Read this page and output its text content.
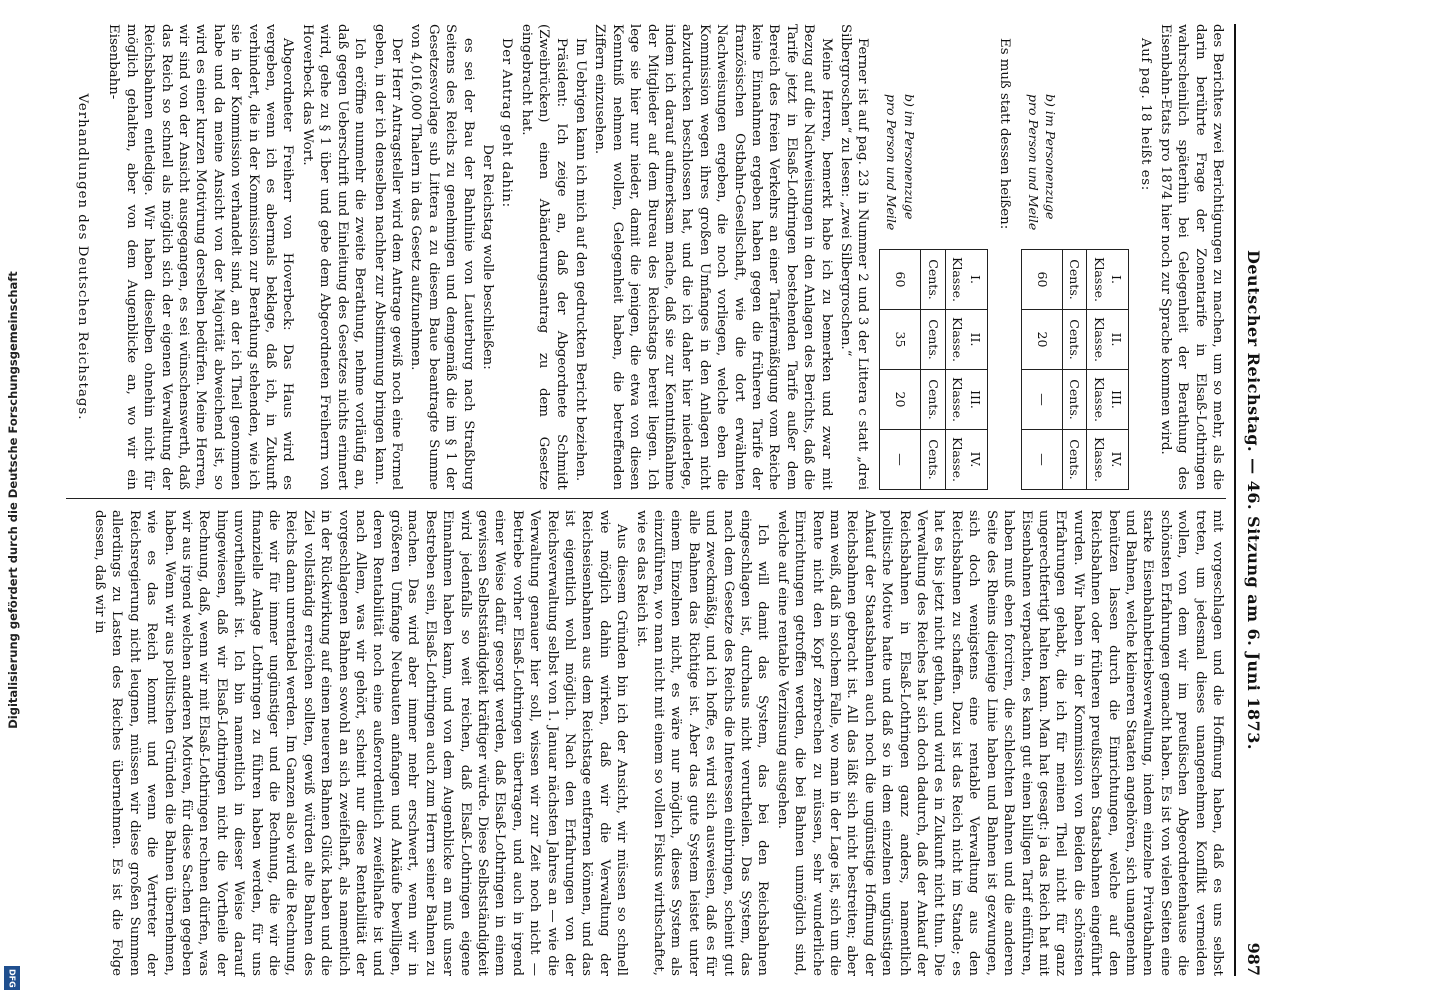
Digitalisierung gefördert durch die Deutsche Forschungsgemeinschaft
DFG
Deutscher Reichstag. — 46. Sitzung am 6. Juni 1873.
987

des Berichtes zwei Berichtigungen zu machen, um so mehr, als die darin berührte Frage der Zonentarife in Elsaß-Lothringen wahrscheinlich späterhin bei Gelegenheit der Berathung des Eisenbahn-Etats pro 1874 hier noch zur Sprache kommen wird.

Auf pag. 18 heißt es:

	I.
Klasse.	II.
Klasse.	III.
Klasse.	IV.
Klasse.
	Cents.	Cents.	Cents.	Cents.
b) im Personenzuge pro Person und Meile	60	20	—	—

Es muß statt dessen heißen:

	I.
Klasse.	II.
Klasse.	III.
Klasse.	IV.
Klasse.
	Cents.	Cents.	Cents.	Cents.
b) im Personenzuge pro Person und Meile	60	35	20	—

Ferner ist auf pag. 23 in Nummer 2 und 3 der Littera c statt „drei Silbergroschen“ zu lesen: „zwei Silbergroschen.“

Meine Herren, bemerkt habe ich zu bemerken und zwar mit Bezug auf die Nachweisungen in den Anlagen des Berichts, daß die Tarife jetzt in Elsaß-Lothringen bestehenden Tarife außer dem Bereich des freien Verkehrs an einer Tarifermäßigung vom Reiche keine Einnahmen ergeben haben gegen die früheren Tarife der französischen Ostbahn-Gesellschaft, wie die dort erwähnten Nachweisungen ergeben, die noch vorliegen, welche eben die Kommission wegen ihres großen Umfanges in den Anlagen nicht abzudrucken beschlossen hat, und die ich daher hier niederlege, indem ich darauf aufmerksam mache, daß sie zur Kenntnißnahme der Mitglieder auf dem Bureau des Reichstags bereit liegen. Ich lege sie hier nur nieder, damit die jenigen, die etwa von diesen Kenntniß nehmen wollen, Gelegenheit haben, die betreffenden Ziffern einzusehen.

Im Uebrigen kann ich mich auf den gedruckten Bericht beziehen.

Präsident: Ich zeige an, daß der Abgeordnete Schmidt (Zweibrücken) einen Abänderungsantrag zu dem Gesetze eingebracht hat.

Der Antrag geht dahin:

Der Reichstag wolle beschließen:

es sei der Bau der Bahnlinie von Lauterburg nach Straßburg Seitens des Reichs zu genehmigen und demgemäß die im § 1 der Gesetzesvorlage sub Littera a zu diesem Baue beantragte Summe von 4,016,000 Thalern in das Gesetz aufzunehmen.

Der Herr Antragsteller wird dem Antrage gewiß noch eine Formel geben, in der ich denselben nachher zur Abstimmung bringen kann.

Ich eröffne nunmehr die zweite Berathung, nehme vorläufig an, daß gegen Ueberschrift und Einleitung des Gesetzes nichts erinnert wird, gehe zu § 1 über und gebe dem Abgeordneten Freiherrn von Hoverbeck das Wort.

Abgeordneter Freiherr von Hoverbeck: Das Haus wird es vergeben, wenn ich es abermals beklage, daß ich, in Zukunft verhindert, die in der Kommission zur Berathung stehenden, wie ich sie in der Kommission verhandelt sind, an der ich Theil genommen habe und da meine Ansicht von der Majorität abweichend ist, so wird es einer kurzen Motivirung derselben bedürfen. Meine Herren, wir sind von der Ansicht ausgegangen, es sei wünschenswerth, daß das Reich so schnell als möglich sich der eigenen Verwaltung der Reichsbahnen entledige. Wir haben dieselben ohnehin nicht für möglich gehalten, aber von dem Augenblicke an, wo wir ein Eisenbahn-

Verhandlungen des Deutschen Reichstags.

mit vorgeschlagen und die Hoffnung haben, daß es uns selbst treten, um jedesmal dieses unangenehmen Konflikt vermeiden wollen, von dem wir im preußischen Abgeordnetenhause die schönsten Erfahrungen gemacht haben. Es ist von vielen Seiten eine starke Eisenbahnbetriebsverwaltung, indem einzelne Privatbahnen und Bahnen, welche kleineren Staaten angehören, sich unangenehm benützen lassen durch die Einrichtungen, welche auf den Reichsbahnen oder früheren preußischen Staatsbahnen eingeführt wurden. Wir haben in der Kommission von Beiden die schönsten Erfahrungen gehabt, die ich für meinen Theil nicht für ganz ungerechtfertigt halten kann. Man hat gesagt: ja das Reich hat mit Eisenbahnen verpachten, es kann gut einen billigen Tarif einführen, haben muß eben forciren, die schlechten Bahnen und die anderen Seite des Rheins diejenige Linie haben und Bahnen ist gezwungen, sich doch wenigstens eine rentable Verwaltung aus den Reichsbahnen zu schaffen. Dazu ist das Reich nicht im Stande; es hat es bis jetzt nicht gethan, und wird es in Zukunft nicht thun. Die Verwaltung des Reiches hat sich doch dadurch, daß der Ankauf der Reichsbahnen in Elsaß-Lothringen ganz anders, namentlich politische Motive hatte und daß so in dem einzelnen ungünstigen Ankauf der Staatsbahnen auch noch die ungünstige Hoffnung der Reichsbahnen gebracht ist. All das läßt sich nicht bestreiten; aber man weiß, daß in solchem Falle, wo man in der Lage ist, sich um die Rente nicht den Kopf zerbrechen zu müssen, sehr wunderliche Einrichtungen getroffen werden, die bei Bahnen unmöglich sind, welche auf eine rentable Verzinsung ausgehen.

Ich will damit das System, das bei den Reichsbahnen eingeschlagen ist, durchaus nicht verurtheilen. Das System, das nach dem Gesetze des Reichs die Interessen einbringen, scheint gut und zweckmäßig, und ich hoffe, es wird sich ausweisen, daß es für alle Bahnen das Richtige ist. Aber das gute System leistet unter einem Einzelnen nicht, es wäre nur möglich, dieses System als einzuführen, wo man nicht mit einem so vollen Fiskus wirthschaftet, wie es das Reich ist.

Aus diesem Gründen bin ich der Ansicht, wir müssen so schnell wie möglich dahin wirken, daß wir die Verwaltung der Reichseisenbahnen aus dem Reichstage entfernen können, und das ist eigentlich wohl möglich. Nach den Erfahrungen von der Reichsverwaltung selbst von 1. Januar nächsten Jahres an — wie die Verwaltung genauer hier soll, wissen wir zur Zeit noch nicht — Betriebe vorher Elsaß-Lothringen übertragen, und auch in irgend einer Weise dafür gesorgt werden, daß Elsaß-Lothringen in einem gewissen Selbstständigkeit kräftiger würde. Diese Selbstständigkeit wird jedenfalls so weit reichen, daß Elsaß-Lothringen eigene Einnahmen haben kann, und von dem Augenblicke an muß unser Bestreben sein, Elsaß-Lothringen auch zum Herrn seiner Bahnen zu machen. Das wird aber immer mehr erschwert, wenn wir in größeren Umfange Neubauten anfangen und Ankäufe bewilligen, deren Rentabilität noch eine außerordentlich zweifelhafte ist und nach Allem, was wir gehört, scheint nur diese Rentabilität der vorgeschlagenen Bahnen sowohl an sich zweifelhaft, als namentlich in der Rückwirkung auf einen neueren Bahnen Glück haben und die Ziel vollständig erreichen sollten, gewiß würden alte Bahnen des Reichs dann unrentabel werden. Im Ganzen also wird die Rechnung, die wir für immer ungünstiger und die Rechnung, die wir die finanzielle Anlage Lothringen zu führen haben werden, für uns unvortheilhaft ist. Ich bin namentlich in dieser Weise darauf hingewiesen, daß wir Elsaß-Lothringen nicht die Vortheile der Rechnung, daß, wenn wir mit Elsaß-Lothringen rechnen dürfen, was wir aus irgend welchen anderen Motiven, für diese Sachen gegeben haben. Wenn wir aus politischen Gründen die Bahnen übernehmen, wie es das Reich kommt und wenn die Vertreter der Reichsregierung nicht leugnen, müssen wir diese großen Summen allerdings zu Lasten des Reiches übernehmen. Es ist die Folge dessen, daß wir in
